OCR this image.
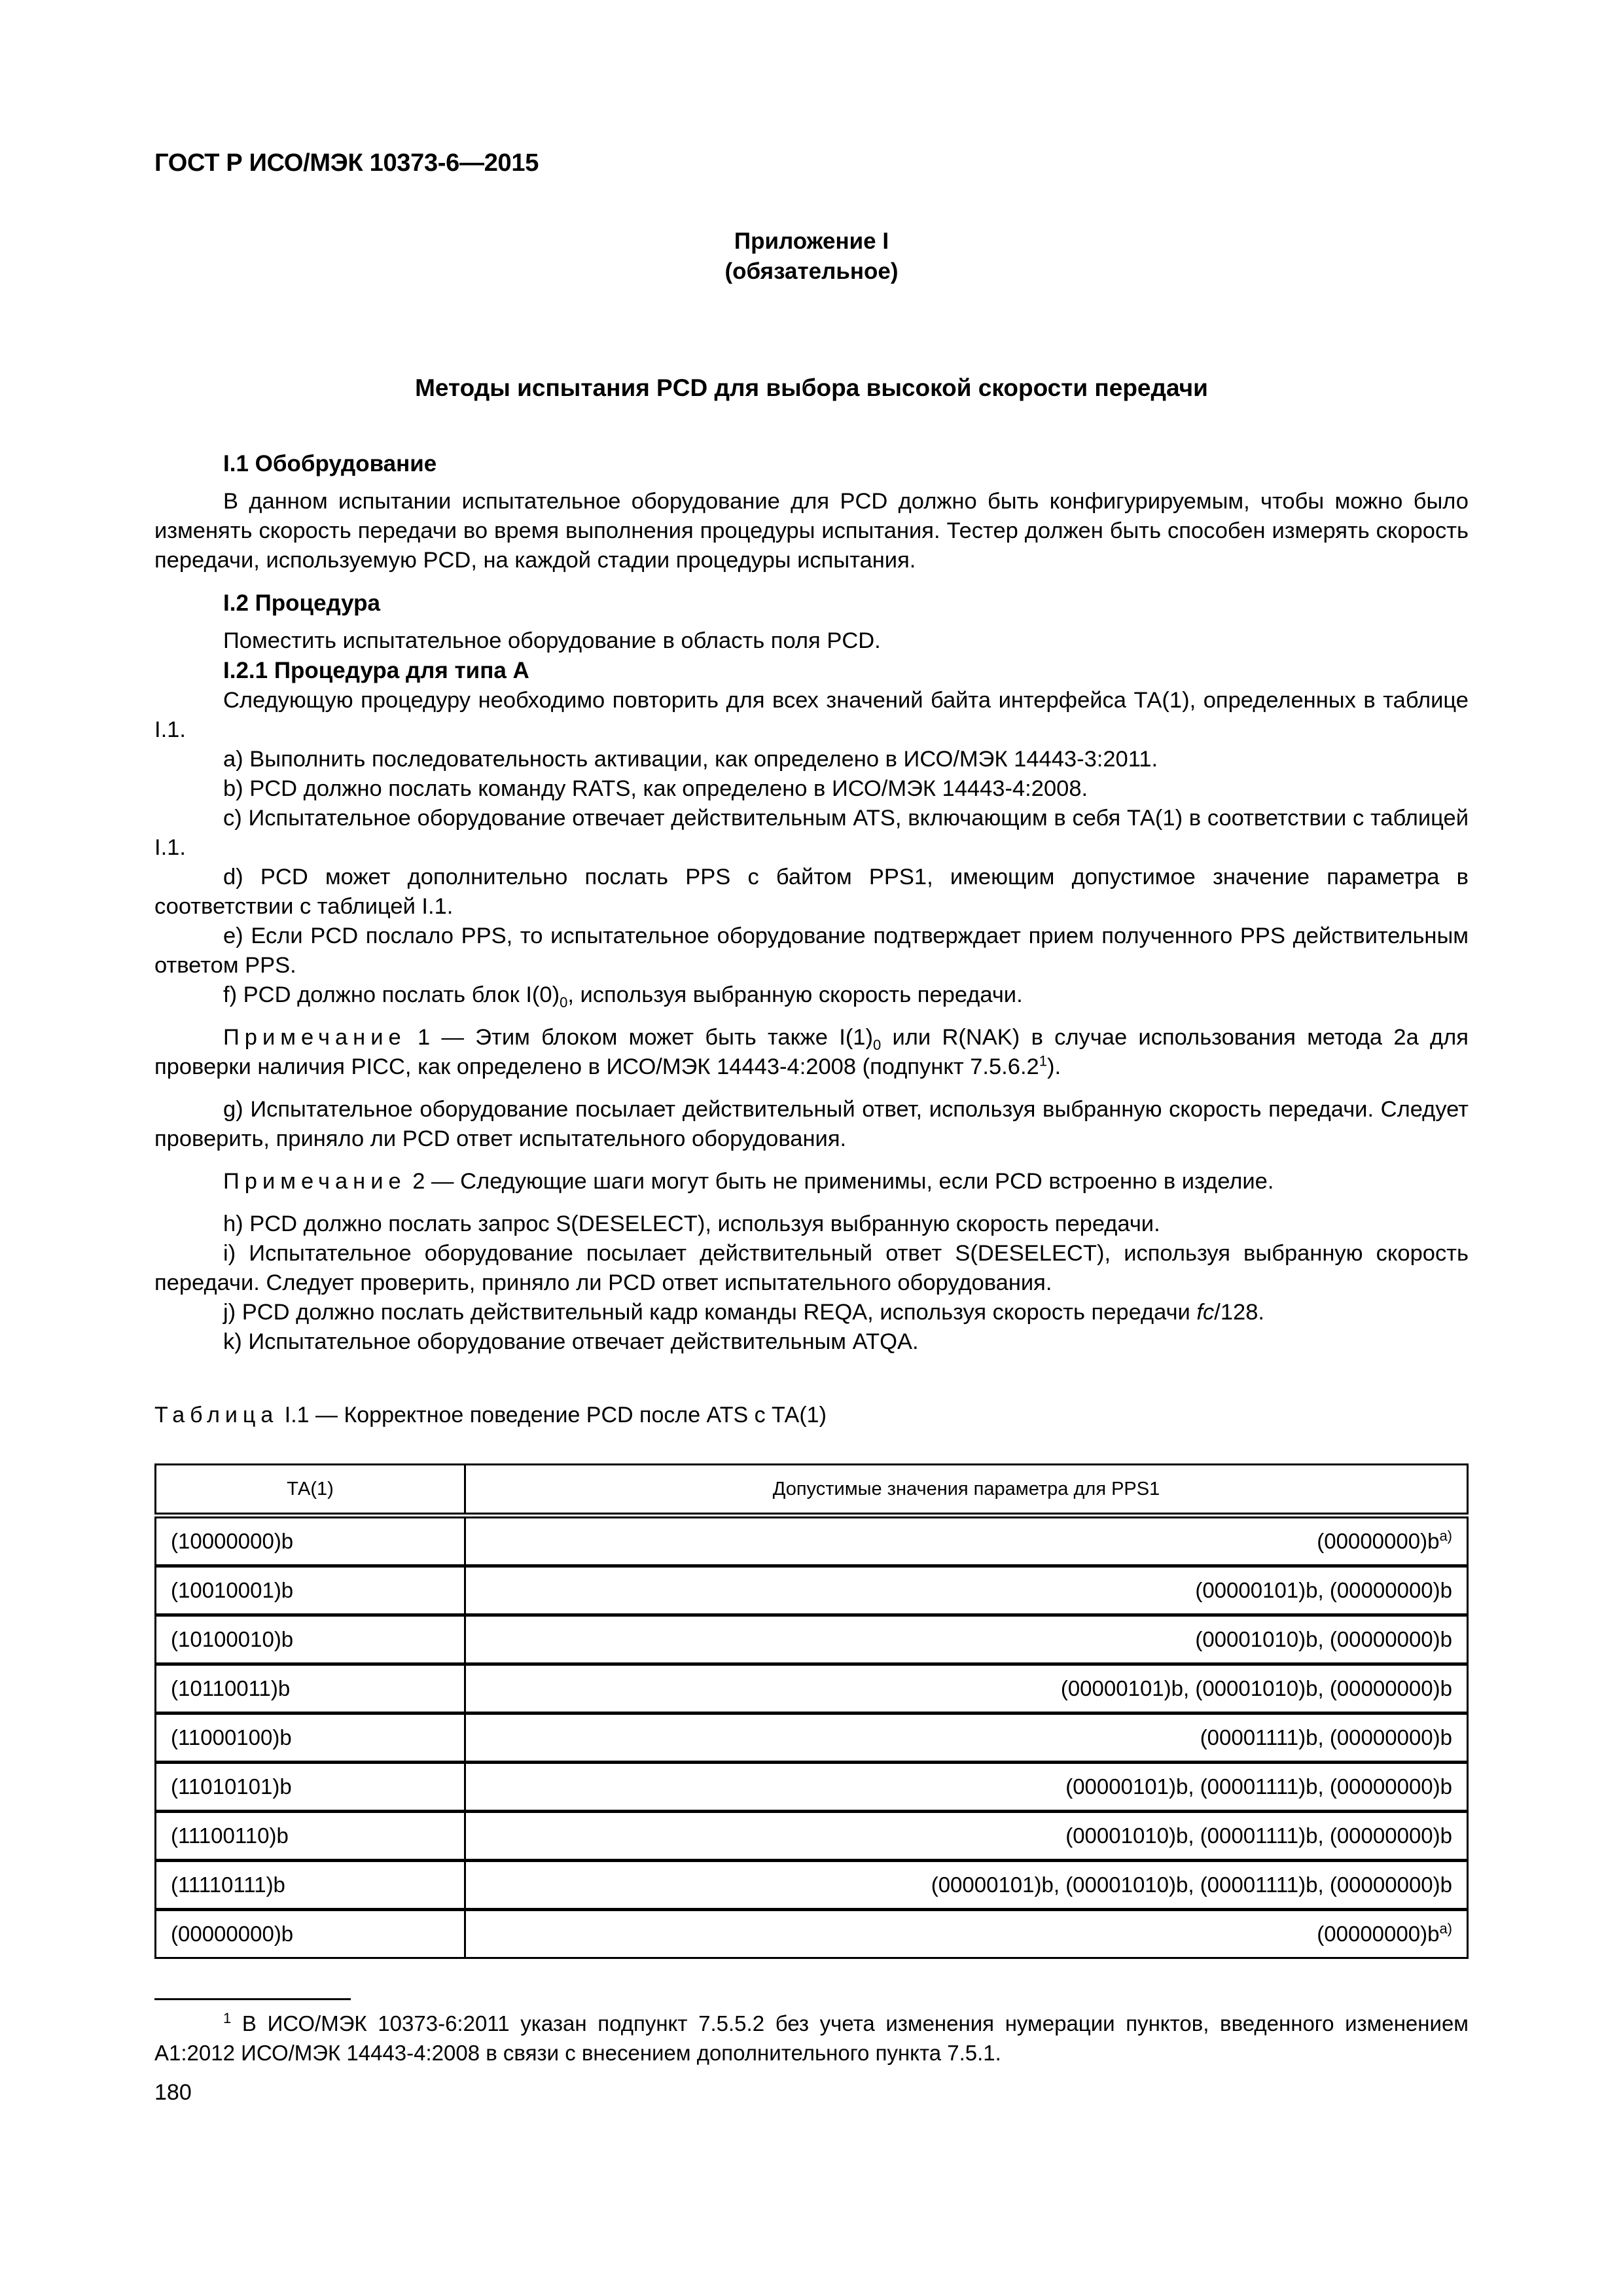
ГОСТ Р ИСО/МЭК 10373-6—2015
Приложение I
(обязательное)
Методы испытания PCD для выбора высокой скорости передачи
I.1 Обобрудование

В данном испытании испытательное оборудование для PCD должно быть конфигурируемым, чтобы можно было изменять скорость передачи во время выполнения процедуры испытания. Тестер должен быть способен измерять скорость передачи, используемую PCD, на каждой стадии процедуры испытания.

I.2 Процедура

Поместить испытательное оборудование в область поля PCD.

I.2.1 Процедура для типа А

Следующую процедуру необходимо повторить для всех значений байта интерфейса ТА(1), определенных в таблице I.1.

a) Выполнить последовательность активации, как определено в ИСО/МЭК 14443-3:2011.

b) PCD должно послать команду RATS, как определено в ИСО/МЭК 14443-4:2008.

c) Испытательное оборудование отвечает действительным ATS, включающим в себя ТА(1) в соответствии с таблицей I.1.

d) PCD может дополнительно послать PPS с байтом PPS1, имеющим допустимое значение параметра в соответствии с таблицей I.1.

e) Если PCD послало PPS, то испытательное оборудование подтверждает прием полученного PPS действительным ответом PPS.

f) PCD должно послать блок $I(0)_0$, используя выбранную скорость передачи.

Примечание 1 — Этим блоком может быть также $I(1)_0$ или R(NAK) в случае использования метода 2а для проверки наличия PICC, как определено в ИСО/МЭК 14443-4:2008 (подпункт 7.5.6.2$^1$).

g) Испытательное оборудование посылает действительный ответ, используя выбранную скорость передачи. Следует проверить, приняло ли PCD ответ испытательного оборудования.

Примечание 2 — Следующие шаги могут быть не применимы, если PCD встроенно в изделие.

h) PCD должно послать запрос S(DESELECT), используя выбранную скорость передачи.

i) Испытательное оборудование посылает действительный ответ S(DESELECT), используя выбранную скорость передачи. Следует проверить, приняло ли PCD ответ испытательного оборудования.

j) PCD должно послать действительный кадр команды REQA, используя скорость передачи fc/128.

k) Испытательное оборудование отвечает действительным ATQA.

Таблица I.1 — Корректное поведение PCD после ATS с ТА(1)
ТА(1)	Допустимые значения параметра для PPS1
(10000000)b	$(00000000)b^{a)}$
(10010001)b	(00000101)b, (00000000)b
(10100010)b	(00001010)b, (00000000)b
(10110011)b	(00000101)b, (00001010)b, (00000000)b
(11000100)b	(00001111)b, (00000000)b
(11010101)b	(00000101)b, (00001111)b, (00000000)b
(11100110)b	(00001010)b, (00001111)b, (00000000)b
(11110111)b	(00000101)b, (00001010)b, (00001111)b, (00000000)b
(00000000)b	$(00000000)b^{a)}$

$^1$ В ИСО/МЭК 10373-6:2011 указан подпункт 7.5.5.2 без учета изменения нумерации пунктов, введенного изменением А1:2012 ИСО/МЭК 14443-4:2008 в связи с внесением дополнительного пункта 7.5.1.

180
